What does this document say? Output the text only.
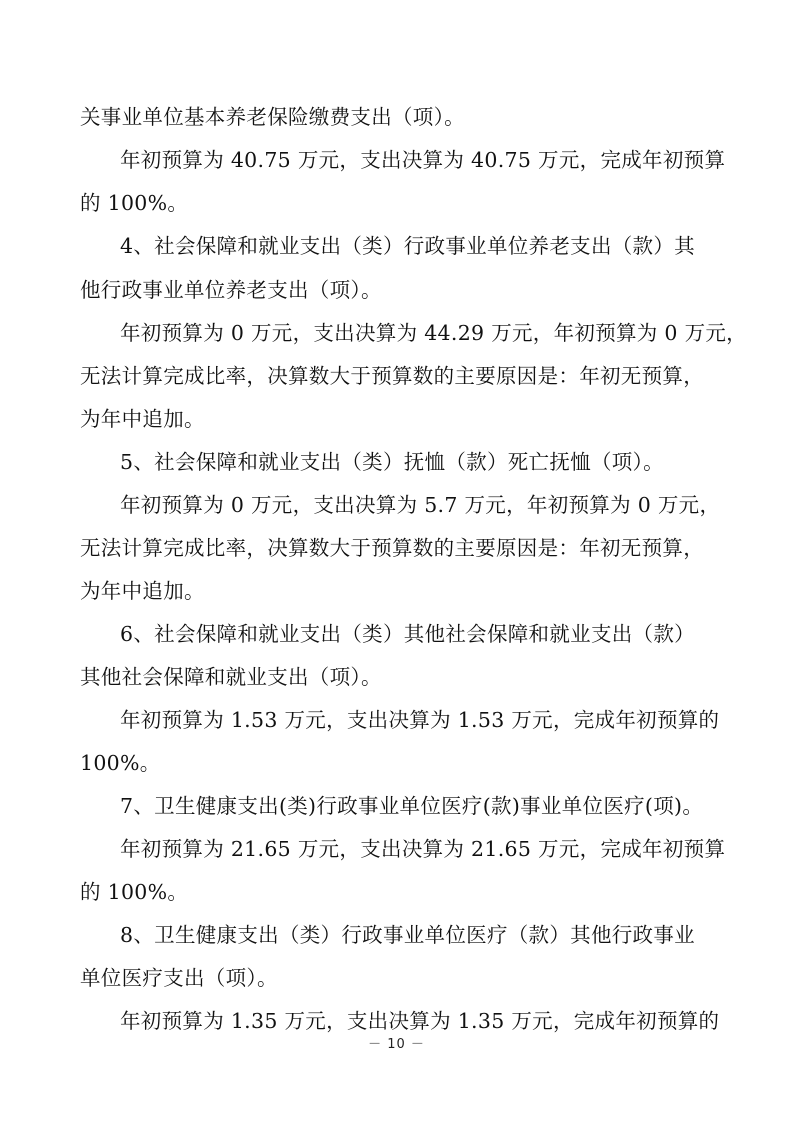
关事业单位基本养老保险缴费支出（项）。
年初预算为 40.75 万元，支出决算为 40.75 万元，完成年初预算
的 100%。
4、社会保障和就业支出（类）行政事业单位养老支出（款）其
他行政事业单位养老支出（项）。
年初预算为 0 万元，支出决算为 44.29 万元，年初预算为 0 万元，
无法计算完成比率，决算数大于预算数的主要原因是：年初无预算，
为年中追加。
5、社会保障和就业支出（类）抚恤（款）死亡抚恤（项）。
年初预算为 0 万元，支出决算为 5.7 万元，年初预算为 0 万元，
无法计算完成比率，决算数大于预算数的主要原因是：年初无预算，
为年中追加。
6、社会保障和就业支出（类）其他社会保障和就业支出（款）
其他社会保障和就业支出（项）。
年初预算为 1.53 万元，支出决算为 1.53 万元，完成年初预算的
100%。
7、卫生健康支出(类)行政事业单位医疗(款)事业单位医疗(项)。
年初预算为 21.65 万元，支出决算为 21.65 万元，完成年初预算
的 100%。
8、卫生健康支出（类）行政事业单位医疗（款）其他行政事业
单位医疗支出（项）。
年初预算为 1.35 万元，支出决算为 1.35 万元，完成年初预算的
－ 10 －
